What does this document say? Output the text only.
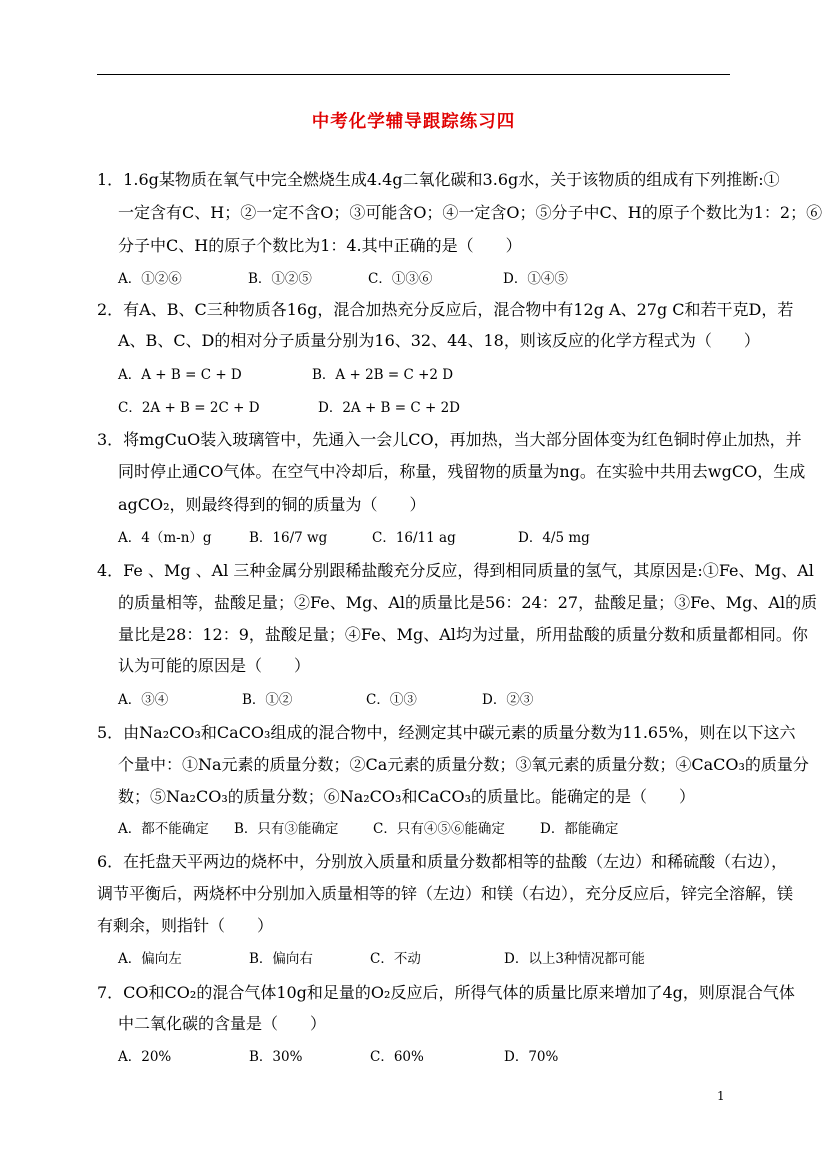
中考化学辅导跟踪练习四
1．1.6g某物质在氧气中完全燃烧生成4.4g二氧化碳和3.6g水，关于该物质的组成有下列推断:①
一定含有C、H；②一定不含O；③可能含O；④一定含O；⑤分子中C、H的原子个数比为1：2；⑥
分子中C、H的原子个数比为1：4.其中正确的是（　　）
A．①②⑥	B．①②⑤	C．①③⑥	D．①④⑤
2．有A、B、C三种物质各16g，混合加热充分反应后，混合物中有12g A、27g C和若干克D，若
A、B、C、D的相对分子质量分别为16、32、44、18，则该反应的化学方程式为（　　）
A．A + B = C + D	B．A + 2B = C +2 D
C．2A + B = 2C + D	D．2A + B = C + 2D
3．将mgCuO装入玻璃管中，先通入一会儿CO，再加热，当大部分固体变为红色铜时停止加热，并
同时停止通CO气体。在空气中冷却后，称量，残留物的质量为ng。在实验中共用去wgCO，生成
agCO₂，则最终得到的铜的质量为（　　）
A．4（m-n）g	B．16/7 wg	C．16/11 ag	D．4/5 mg
4．Fe 、Mg 、Al 三种金属分别跟稀盐酸充分反应，得到相同质量的氢气，其原因是:①Fe、Mg、Al
的质量相等，盐酸足量；②Fe、Mg、Al的质量比是56：24：27，盐酸足量；③Fe、Mg、Al的质
量比是28：12：9，盐酸足量；④Fe、Mg、Al均为过量，所用盐酸的质量分数和质量都相同。你
认为可能的原因是（　　）
A．③④	B．①②	C．①③	D．②③
5．由Na₂CO₃和CaCO₃组成的混合物中，经测定其中碳元素的质量分数为11.65%，则在以下这六
个量中：①Na元素的质量分数；②Ca元素的质量分数；③氧元素的质量分数；④CaCO₃的质量分
数；⑤Na₂CO₃的质量分数；⑥Na₂CO₃和CaCO₃的质量比。能确定的是（　　）
A．都不能确定 B．只有③能确定	C．只有④⑤⑥能确定	D．都能确定
6．在托盘天平两边的烧杯中，分别放入质量和质量分数都相等的盐酸（左边）和稀硫酸（右边），
调节平衡后，两烧杯中分别加入质量相等的锌（左边）和镁（右边），充分反应后，锌完全溶解，镁
有剩余，则指针（　　）
A．偏向左	B．偏向右	C．不动	D．以上3种情况都可能
7．CO和CO₂的混合气体10g和足量的O₂反应后，所得气体的质量比原来增加了4g，则原混合气体
中二氧化碳的含量是（　　）
A．20%	B．30%	C．60%	D．70%
1
